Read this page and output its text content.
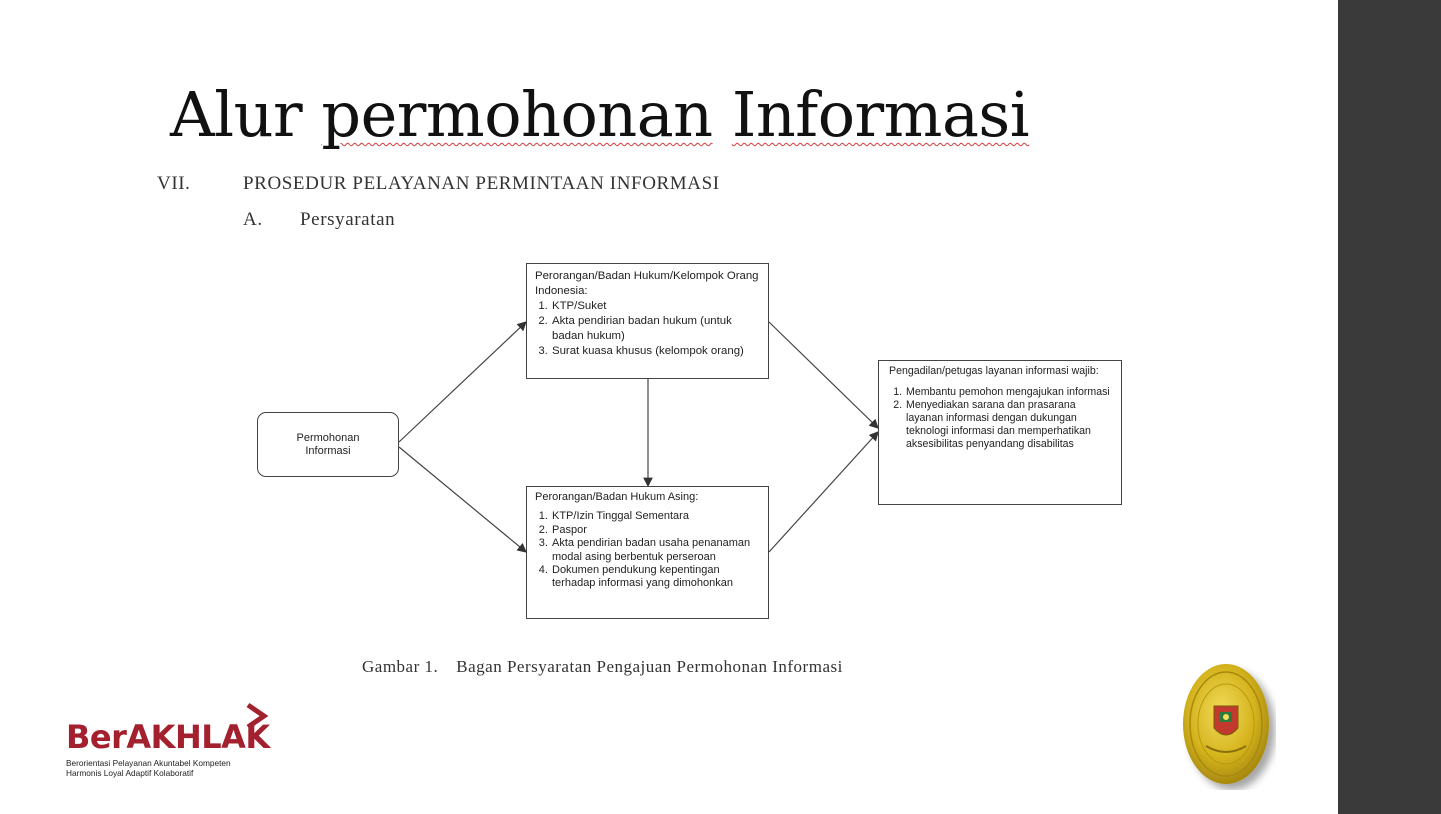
Alur permohonan Informasi
VII.	PROSEDUR PELAYANAN PERMINTAAN INFORMASI
A. Persyaratan
Permohonan Informasi
Perorangan/Badan Hukum/Kelompok Orang Indonesia:
1. KTP/Suket
2. Akta pendirian badan hukum (untuk badan hukum)
3. Surat kuasa khusus (kelompok orang)
Perorangan/Badan Hukum Asing:
1. KTP/Izin Tinggal Sementara
2. Paspor
3. Akta pendirian badan usaha penanaman modal asing berbentuk perseroan
4. Dokumen pendukung kepentingan terhadap informasi yang dimohonkan
Pengadilan/petugas layanan informasi wajib:
1. Membantu pemohon mengajukan informasi
2. Menyediakan sarana dan prasarana layanan informasi dengan dukungan teknologi informasi dan memperhatikan aksesibilitas penyandang disabilitas
Gambar 1. Bagan Persyaratan Pengajuan Permohonan Informasi
BerAKHLAK
Berorientasi Pelayanan Akuntabel Kompeten
Harmonis Loyal Adaptif Kolaboratif
